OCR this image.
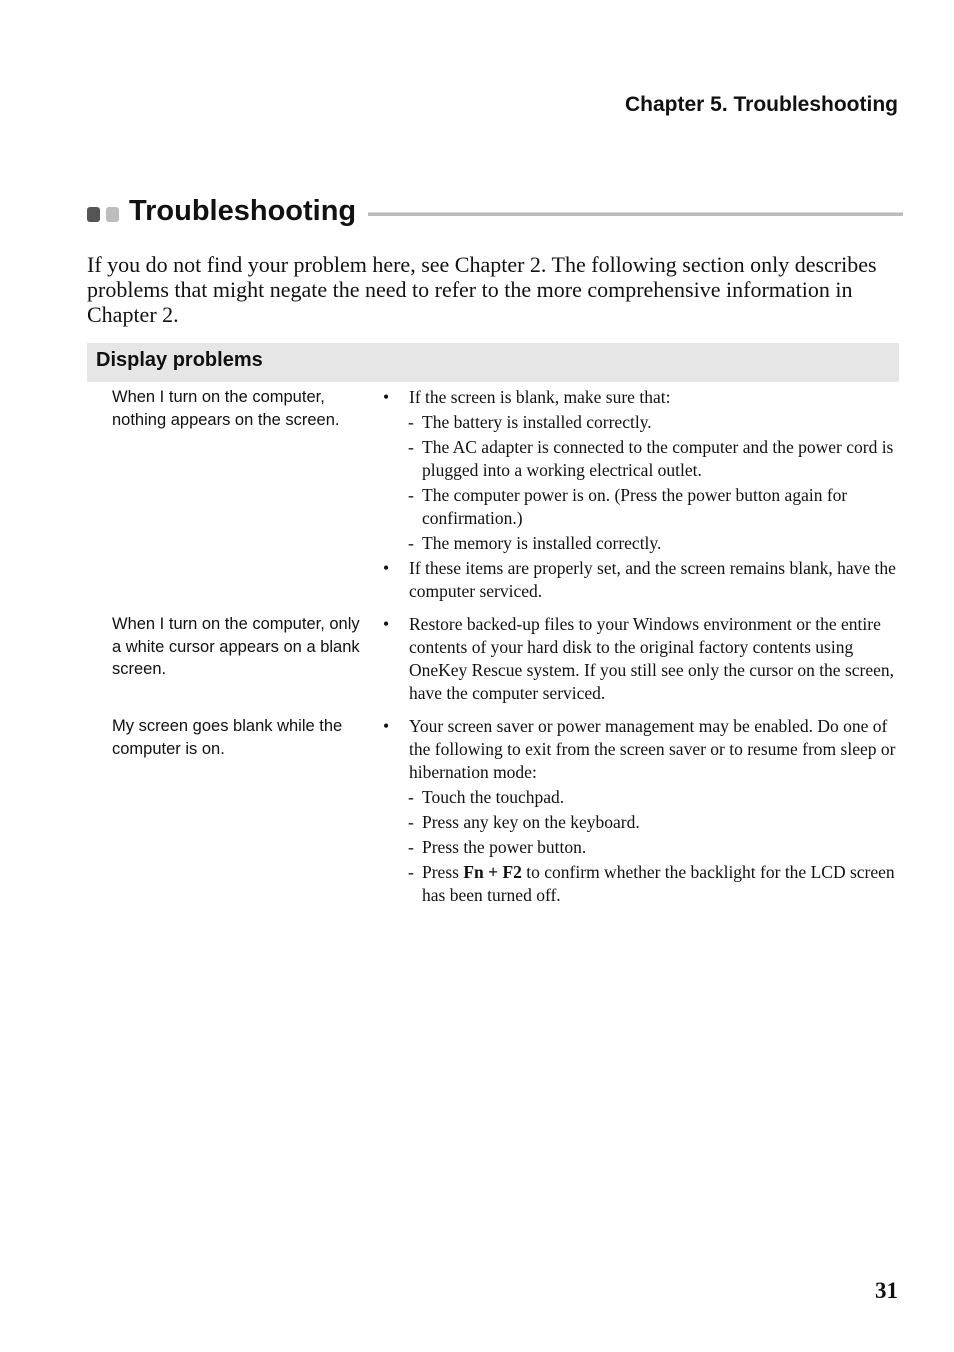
Chapter 5. Troubleshooting
Troubleshooting

If you do not find your problem here, see Chapter 2. The following section only describes problems that might negate the need to refer to the more comprehensive information in Chapter 2.

Display problems

When I turn on the computer, nothing appears on the screen.

•	If the screen is blank, make sure that:
- The battery is installed correctly.
- The AC adapter is connected to the computer and the power cord is plugged into a working electrical outlet.
- The computer power is on. (Press the power button again for confirmation.)
- The memory is installed correctly.
•	If these items are properly set, and the screen remains blank, have the computer serviced.

When I turn on the computer, only a white cursor appears on a blank screen.

•	Restore backed-up files to your Windows environment or the entire contents of your hard disk to the original factory contents using OneKey Rescue system. If you still see only the cursor on the screen, have the computer serviced.

My screen goes blank while the computer is on.

•	Your screen saver or power management may be enabled. Do one of the following to exit from the screen saver or to resume from sleep or hibernation mode:
- Touch the touchpad.
- Press any key on the keyboard.
- Press the power button.
- Press Fn + F2 to confirm whether the backlight for the LCD screen has been turned off.
31
